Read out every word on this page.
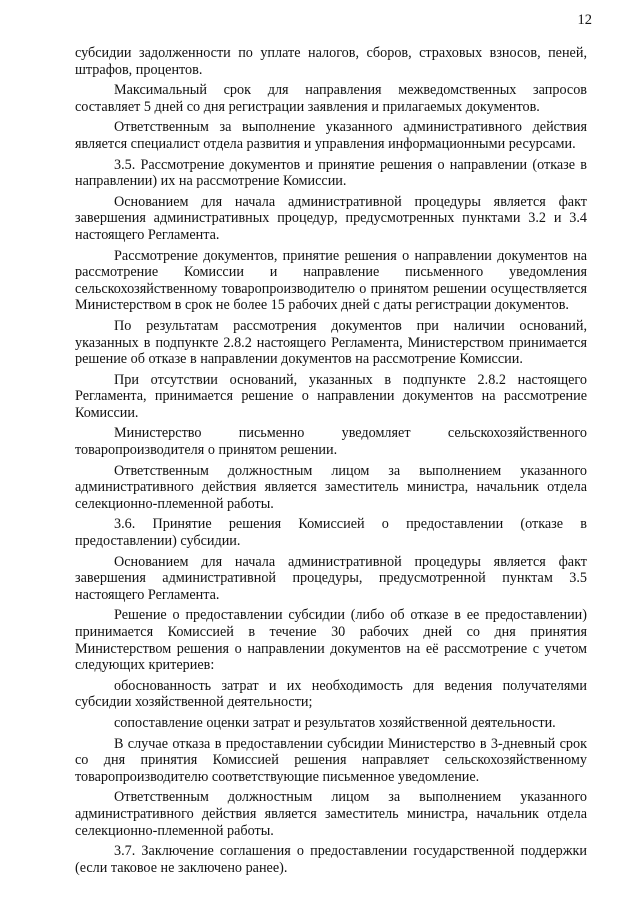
12

субсидии задолженности по уплате налогов, сборов, страховых взносов, пеней, штрафов, процентов.

Максимальный срок для направления межведомственных запросов составляет 5 дней со дня регистрации заявления и прилагаемых документов.

Ответственным за выполнение указанного административного действия является специалист отдела развития и управления информационными ресурсами.

3.5. Рассмотрение документов и принятие решения о направлении (отказе в направлении) их на рассмотрение Комиссии.

Основанием для начала административной процедуры является факт завершения административных процедур, предусмотренных пунктами 3.2 и 3.4 настоящего Регламента.

Рассмотрение документов, принятие решения о направлении документов на рассмотрение Комиссии и направление письменного уведомления сельскохозяйственному товаропроизводителю о принятом решении осуществляется Министерством в срок не более 15 рабочих дней с даты регистрации документов.

По результатам рассмотрения документов при наличии оснований, указанных в подпункте 2.8.2 настоящего Регламента, Министерством принимается решение об отказе в направлении документов на рассмотрение Комиссии.

При отсутствии оснований, указанных в подпункте 2.8.2 настоящего Регламента, принимается решение о направлении документов на рассмотрение Комиссии.

Министерство письменно уведомляет сельскохозяйственного товаропроизводителя о принятом решении.

Ответственным должностным лицом за выполнением указанного административного действия является заместитель министра, начальник отдела селекционно-племенной работы.

3.6. Принятие решения Комиссией о предоставлении (отказе в предоставлении) субсидии.

Основанием для начала административной процедуры является факт завершения административной процедуры, предусмотренной пунктам 3.5 настоящего Регламента.

Решение о предоставлении субсидии (либо об отказе в ее предоставлении) принимается Комиссией в течение 30 рабочих дней со дня принятия Министерством решения о направлении документов на её рассмотрение с учетом следующих критериев:

обоснованность затрат и их необходимость для ведения получателями субсидии хозяйственной деятельности;

сопоставление оценки затрат и результатов хозяйственной деятельности.

В случае отказа в предоставлении субсидии Министерство в 3-дневный срок со дня принятия Комиссией решения направляет сельскохозяйственному товаропроизводителю соответствующие письменное уведомление.

Ответственным должностным лицом за выполнением указанного административного действия является заместитель министра, начальник отдела селекционно-племенной работы.

3.7. Заключение соглашения о предоставлении государственной поддержки (если таковое не заключено ранее).
